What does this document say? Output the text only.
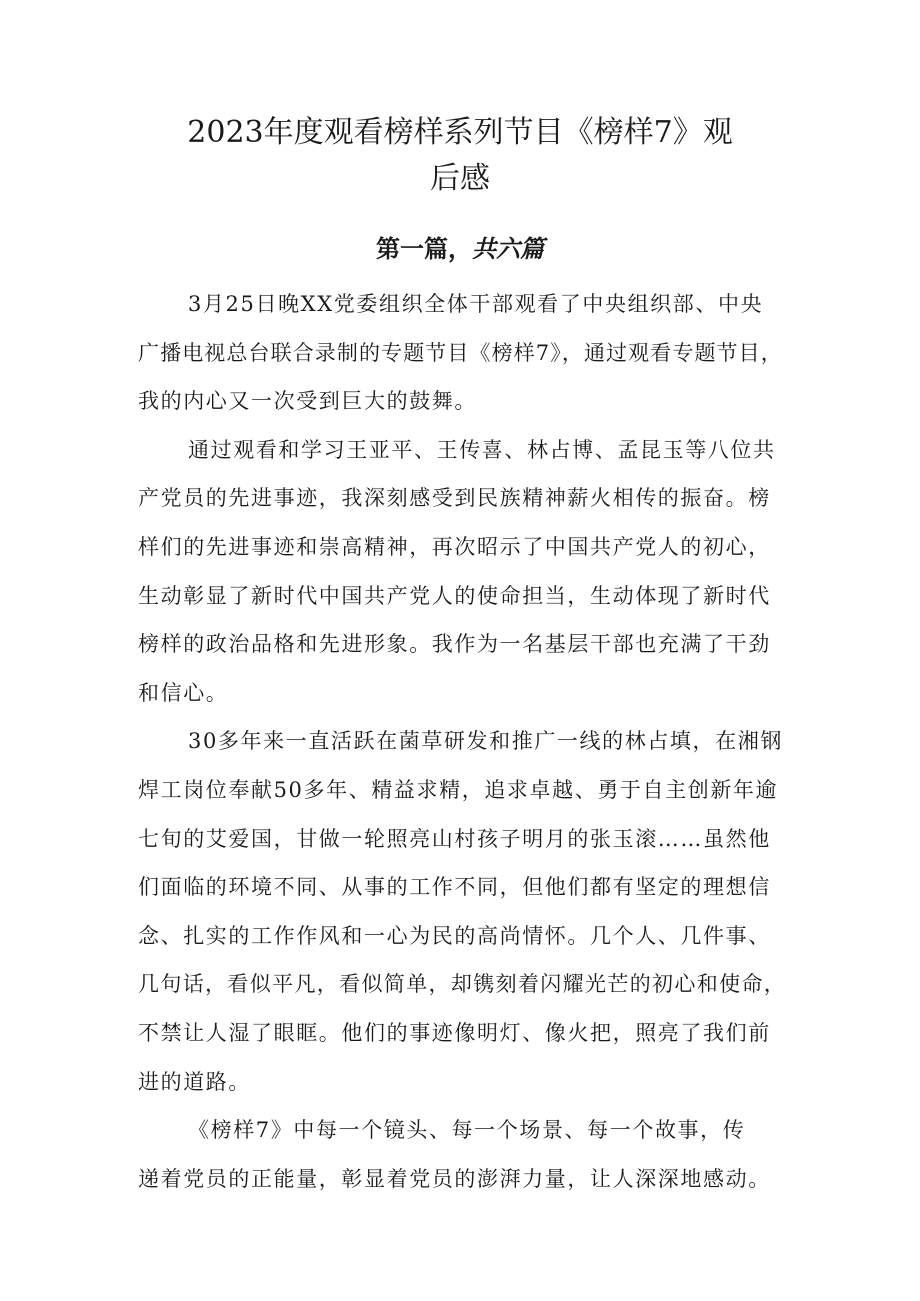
2023年度观看榜样系列节目《榜样7》观
后感
第一篇，共六篇
3月25日晚XX党委组织全体干部观看了中央组织部、中央
广播电视总台联合录制的专题节目《榜样7》，通过观看专题节目，
我的内心又一次受到巨大的鼓舞。
通过观看和学习王亚平、王传喜、林占博、孟昆玉等八位共
产党员的先进事迹，我深刻感受到民族精神薪火相传的振奋。榜
样们的先进事迹和崇高精神，再次昭示了中国共产党人的初心，
生动彰显了新时代中国共产党人的使命担当，生动体现了新时代
榜样的政治品格和先进形象。我作为一名基层干部也充满了干劲
和信心。
30多年来一直活跃在菌草研发和推广一线的林占填，在湘钢
焊工岗位奉献50多年、精益求精，追求卓越、勇于自主创新年逾
七旬的艾爱国，甘做一轮照亮山村孩子明月的张玉滚……虽然他
们面临的环境不同、从事的工作不同，但他们都有坚定的理想信
念、扎实的工作作风和一心为民的高尚情怀。几个人、几件事、
几句话，看似平凡，看似简单，却镌刻着闪耀光芒的初心和使命，
不禁让人湿了眼眶。他们的事迹像明灯、像火把，照亮了我们前
进的道路。
《榜样7》中每一个镜头、每一个场景、每一个故事，传
递着党员的正能量，彰显着党员的澎湃力量，让人深深地感动。
